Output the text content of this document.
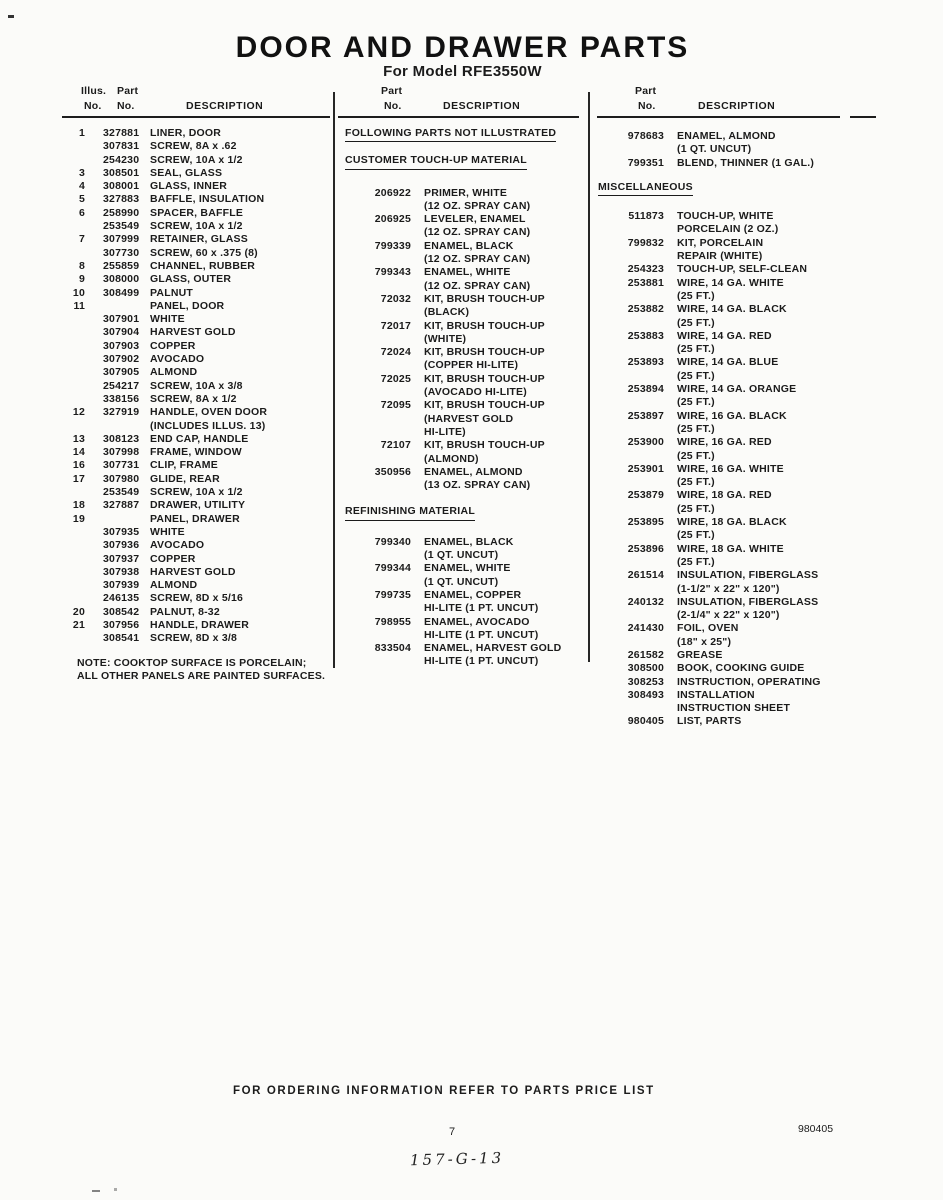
DOOR AND DRAWER PARTS
For Model RFE3550W
Illus. Part
No. No.	DESCRIPTION
1	327881	LINER, DOOR
307831	SCREW, 8A x .62
254230	SCREW, 10A x 1/2
3	308501	SEAL, GLASS
4	308001	GLASS, INNER
5	327883	BAFFLE, INSULATION
6	258990	SPACER, BAFFLE
253549	SCREW, 10A x 1/2
7	307999	RETAINER, GLASS
307730	SCREW, 60 x .375 (8)
8	255859	CHANNEL, RUBBER
9	308000	GLASS, OUTER
10	308499	PALNUT
11	PANEL, DOOR
307901	WHITE
307904	HARVEST GOLD
307903	COPPER
307902	AVOCADO
307905	ALMOND
254217	SCREW, 10A x 3/8
338156	SCREW, 8A x 1/2
12	327919	HANDLE, OVEN DOOR
(INCLUDES ILLUS. 13)
13	308123	END CAP, HANDLE
14	307998	FRAME, WINDOW
16	307731	CLIP, FRAME
17	307980	GLIDE, REAR
253549	SCREW, 10A x 1/2
18	327887	DRAWER, UTILITY
19	PANEL, DRAWER
307935	WHITE
307936	AVOCADO
307937	COPPER
307938	HARVEST GOLD
307939	ALMOND
246135	SCREW, 8D x 5/16
20	308542	PALNUT, 8-32
21	307956	HANDLE, DRAWER
308541	SCREW, 8D x 3/8
NOTE: COOKTOP SURFACE IS PORCELAIN;
ALL OTHER PANELS ARE PAINTED SURFACES.
Part
No.	DESCRIPTION
FOLLOWING PARTS NOT ILLUSTRATED
CUSTOMER TOUCH-UP MATERIAL
206922 PRIMER, WHITE
(12 OZ. SPRAY CAN)
206925 LEVELER, ENAMEL
(12 OZ. SPRAY CAN)
799339 ENAMEL, BLACK
(12 OZ. SPRAY CAN)
799343 ENAMEL, WHITE
(12 OZ. SPRAY CAN)
72032 KIT, BRUSH TOUCH-UP
(BLACK)
72017 KIT, BRUSH TOUCH-UP
(WHITE)
72024 KIT, BRUSH TOUCH-UP
(COPPER HI-LITE)
72025 KIT, BRUSH TOUCH-UP
(AVOCADO HI-LITE)
72095 KIT, BRUSH TOUCH-UP
(HARVEST GOLD
HI-LITE)
72107 KIT, BRUSH TOUCH-UP
(ALMOND)
350956 ENAMEL, ALMOND
(13 OZ. SPRAY CAN)
REFINISHING MATERIAL
799340 ENAMEL, BLACK
(1 QT. UNCUT)
799344 ENAMEL, WHITE
(1 QT. UNCUT)
799735 ENAMEL, COPPER
HI-LITE (1 PT. UNCUT)
798955 ENAMEL, AVOCADO
HI-LITE (1 PT. UNCUT)
833504 ENAMEL, HARVEST GOLD
HI-LITE (1 PT. UNCUT)
Part
No.	DESCRIPTION
978683 ENAMEL, ALMOND
(1 QT. UNCUT)
799351 BLEND, THINNER (1 GAL.)
MISCELLANEOUS
511873 TOUCH-UP, WHITE
PORCELAIN (2 OZ.)
799832 KIT, PORCELAIN
REPAIR (WHITE)
254323 TOUCH-UP, SELF-CLEAN
253881 WIRE, 14 GA. WHITE
(25 FT.)
253882 WIRE, 14 GA. BLACK
(25 FT.)
253883 WIRE, 14 GA. RED
(25 FT.)
253893 WIRE, 14 GA. BLUE
(25 FT.)
253894 WIRE, 14 GA. ORANGE
(25 FT.)
253897 WIRE, 16 GA. BLACK
(25 FT.)
253900 WIRE, 16 GA. RED
(25 FT.)
253901 WIRE, 16 GA. WHITE
(25 FT.)
253879 WIRE, 18 GA. RED
(25 FT.)
253895 WIRE, 18 GA. BLACK
(25 FT.)
253896 WIRE, 18 GA. WHITE
(25 FT.)
261514 INSULATION, FIBERGLASS
(1-1/2" x 22" x 120")
240132 INSULATION, FIBERGLASS
(2-1/4" x 22" x 120")
241430 FOIL, OVEN
(18" x 25")
261582 GREASE
308500 BOOK, COOKING GUIDE
308253 INSTRUCTION, OPERATING
308493 INSTALLATION
INSTRUCTION SHEET
980405 LIST, PARTS
FOR ORDERING INFORMATION REFER TO PARTS PRICE LIST
7	980405
157-G-13
